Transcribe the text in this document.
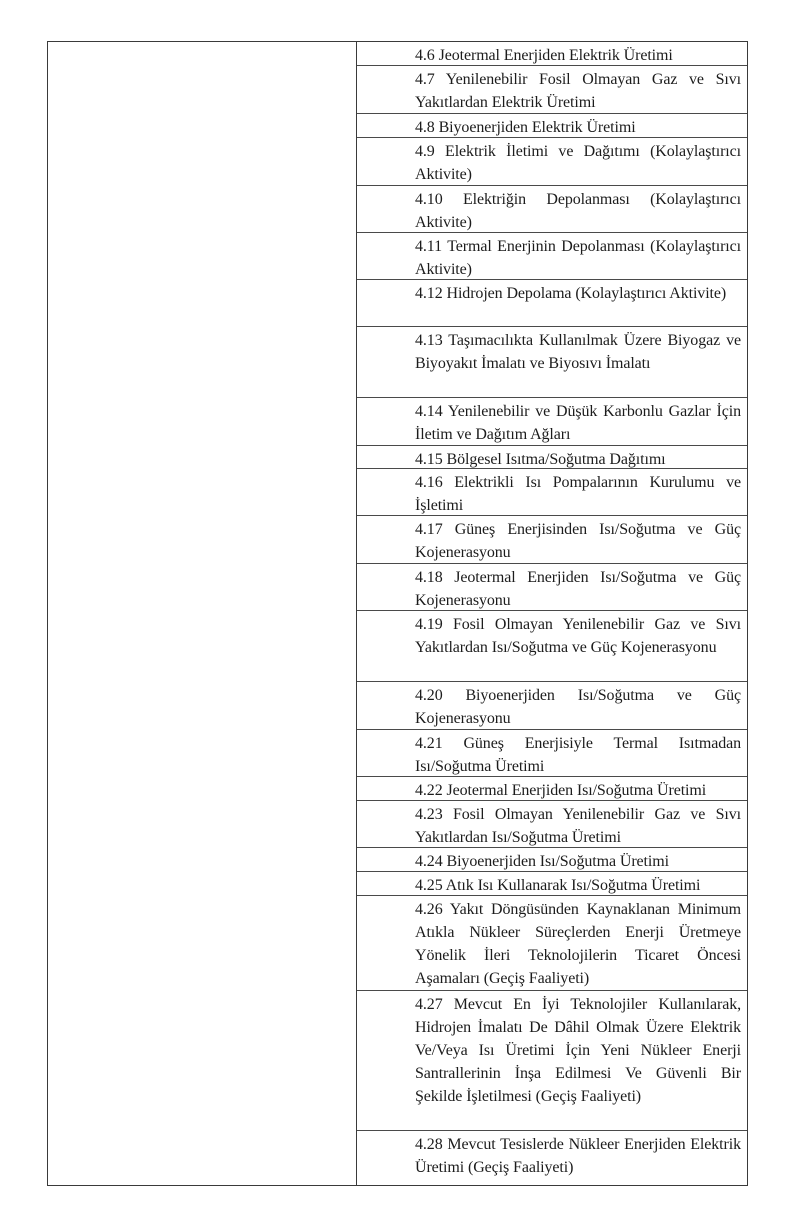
4.6 Jeotermal Enerjiden Elektrik Üretimi
4.7 Yenilenebilir Fosil Olmayan Gaz ve Sıvı Yakıtlardan Elektrik Üretimi
4.8 Biyoenerjiden Elektrik Üretimi
4.9 Elektrik İletimi ve Dağıtımı (Kolaylaştırıcı Aktivite)
4.10 Elektriğin Depolanması (Kolaylaştırıcı Aktivite)
4.11 Termal Enerjinin Depolanması (Kolaylaştırıcı Aktivite)
4.12 Hidrojen Depolama (Kolaylaştırıcı Aktivite)
4.13 Taşımacılıkta Kullanılmak Üzere Biyogaz ve Biyoyakıt İmalatı ve Biyosıvı İmalatı
4.14 Yenilenebilir ve Düşük Karbonlu Gazlar İçin İletim ve Dağıtım Ağları
4.15 Bölgesel Isıtma/Soğutma Dağıtımı
4.16 Elektrikli Isı Pompalarının Kurulumu ve İşletimi
4.17 Güneş Enerjisinden Isı/Soğutma ve Güç Kojenerasyonu
4.18 Jeotermal Enerjiden Isı/Soğutma ve Güç Kojenerasyonu
4.19 Fosil Olmayan Yenilenebilir Gaz ve Sıvı Yakıtlardan Isı/Soğutma ve Güç Kojenerasyonu
4.20 Biyoenerjiden Isı/Soğutma ve Güç Kojenerasyonu
4.21 Güneş Enerjisiyle Termal Isıtmadan Isı/Soğutma Üretimi
4.22 Jeotermal Enerjiden Isı/Soğutma Üretimi
4.23 Fosil Olmayan Yenilenebilir Gaz ve Sıvı Yakıtlardan Isı/Soğutma Üretimi
4.24 Biyoenerjiden Isı/Soğutma Üretimi
4.25 Atık Isı Kullanarak Isı/Soğutma Üretimi
4.26 Yakıt Döngüsünden Kaynaklanan Minimum Atıkla Nükleer Süreçlerden Enerji Üretmeye Yönelik İleri Teknolojilerin Ticaret Öncesi Aşamaları (Geçiş Faaliyeti)
4.27 Mevcut En İyi Teknolojiler Kullanılarak, Hidrojen İmalatı De Dâhil Olmak Üzere Elektrik Ve/Veya Isı Üretimi İçin Yeni Nükleer Enerji Santrallerinin İnşa Edilmesi Ve Güvenli Bir Şekilde İşletilmesi (Geçiş Faaliyeti)
4.28 Mevcut Tesislerde Nükleer Enerjiden Elektrik Üretimi (Geçiş Faaliyeti)
